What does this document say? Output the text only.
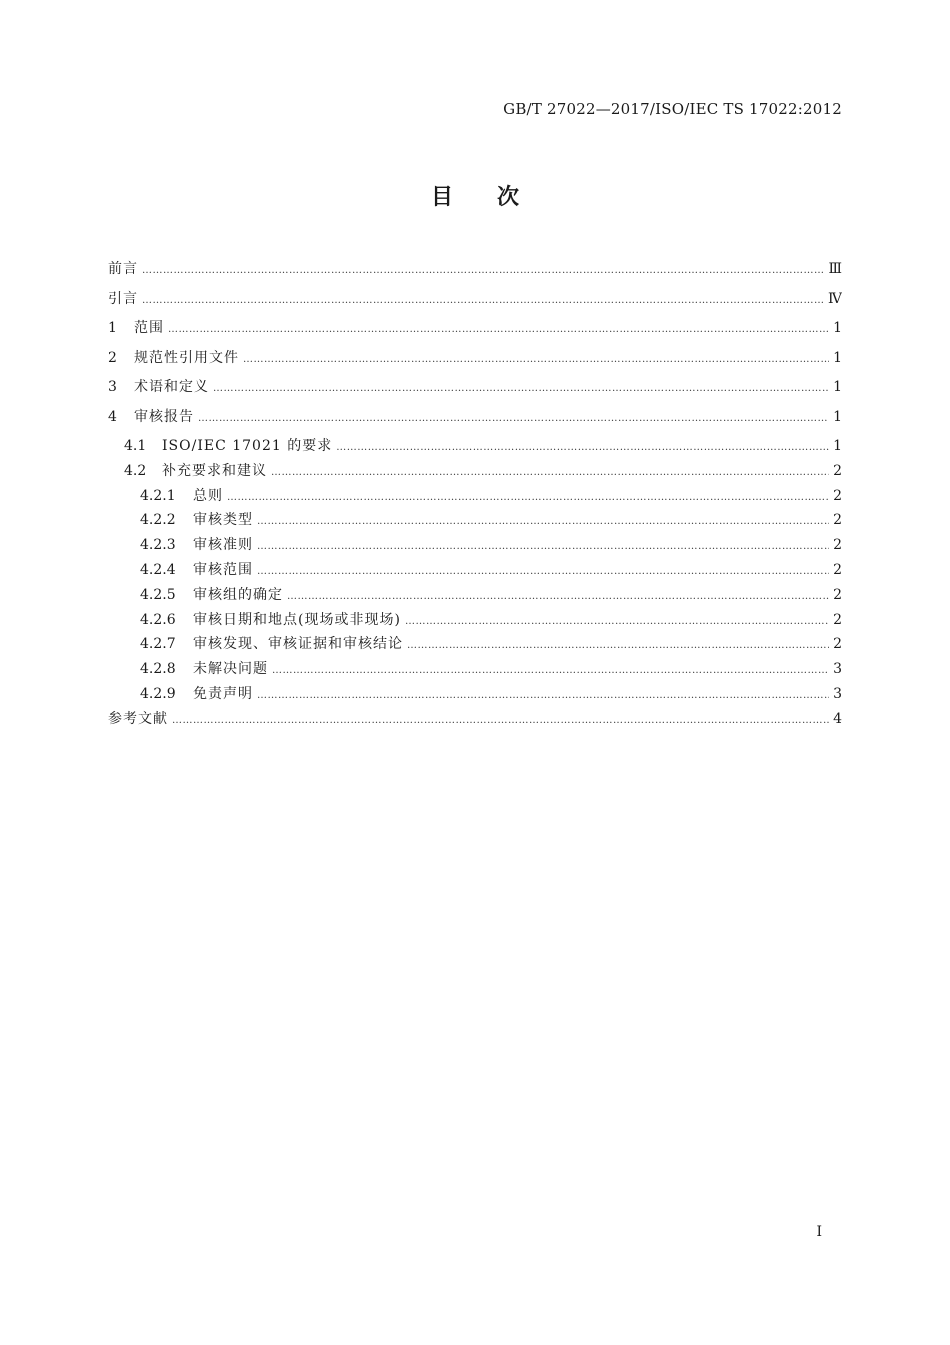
GB/T 27022—2017/ISO/IEC TS 17022:2012
目次
前言 ……………………………………………………………………………………………………………………………………………………………………………………………………………………………………………………	Ⅲ
引言 ……………………………………………………………………………………………………………………………………………………………………………………………………………………………………………………	Ⅳ
1	范围 ……………………………………………………………………………………………………………………………………………………………………………………………………………………………………………………	1
2	规范性引用文件 ……………………………………………………………………………………………………………………………………………………………………………………………………………………………………………………	1
3	术语和定义 ……………………………………………………………………………………………………………………………………………………………………………………………………………………………………………………	1
4	审核报告 ……………………………………………………………………………………………………………………………………………………………………………………………………………………………………………………	1
4.1	ISO/IEC 17021 的要求 ……………………………………………………………………………………………………………………………………………………………………………………………………………………………………………………	1
4.2	补充要求和建议 ……………………………………………………………………………………………………………………………………………………………………………………………………………………………………………………	2
4.2.1	总则 ……………………………………………………………………………………………………………………………………………………………………………………………………………………………………………………	2
4.2.2	审核类型 ……………………………………………………………………………………………………………………………………………………………………………………………………………………………………………………	2
4.2.3	审核准则 ……………………………………………………………………………………………………………………………………………………………………………………………………………………………………………………	2
4.2.4	审核范围 ……………………………………………………………………………………………………………………………………………………………………………………………………………………………………………………	2
4.2.5	审核组的确定 ……………………………………………………………………………………………………………………………………………………………………………………………………………………………………………………	2
4.2.6	审核日期和地点(现场或非现场) ……………………………………………………………………………………………………………………………………………………………………………………………………………………………………………………	2
4.2.7	审核发现、审核证据和审核结论 ……………………………………………………………………………………………………………………………………………………………………………………………………………………………………………………	2
4.2.8	未解决问题 ……………………………………………………………………………………………………………………………………………………………………………………………………………………………………………………	3
4.2.9	免责声明 ……………………………………………………………………………………………………………………………………………………………………………………………………………………………………………………	3
参考文献 ……………………………………………………………………………………………………………………………………………………………………………………………………………………………………………………	4
I
